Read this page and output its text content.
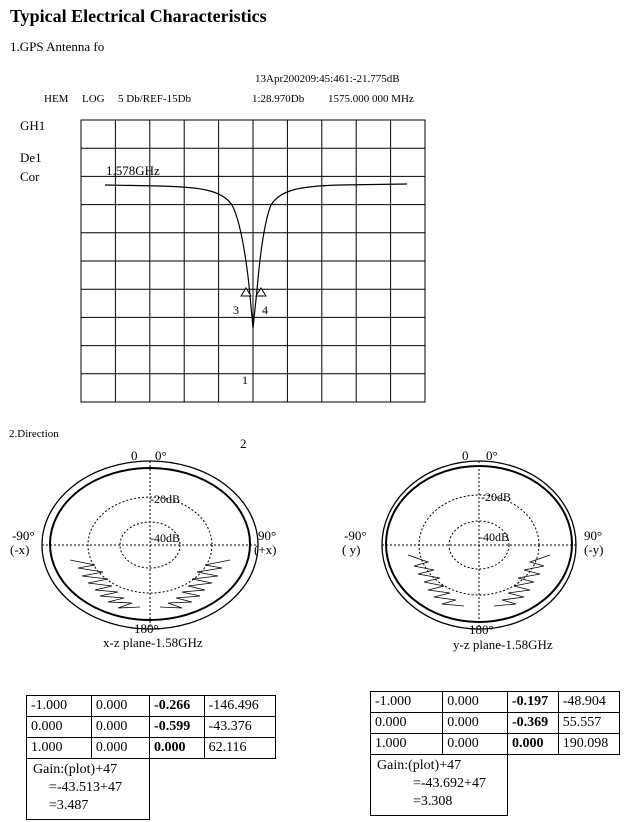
Typical Electrical Characteristics
1.GPS Antenna fo
13Apr200209:45:461:-21.775dB
HEM LOG 5 Db/REF-15Db	1:28.970Db 1575.000 000 MHz
GH1
De1
Cor	1.578GHz
3 4
1
2.Direction
2
0 0°
-20dB
-40dB
-90°
(-x)
90°
(+x)
180°
x-z plane-1.58GHz
0 0°
-20dB
-40dB
-90°
( y)
90°
(-y)
180°
y-z plane-1.58GHz
-1.000	0.000	-0.266	-146.496
0.000	0.000	-0.599	-43.376
1.000	0.000	0.000	62.116

Gain:(plot)+47
=-43.513+47
=3.487			

-1.000	0.000	-0.197	-48.904
0.000	0.000	-0.369	55.557
1.000	0.000	0.000	190.098

Gain:(plot)+47
=-43.692+47
=3.308			
